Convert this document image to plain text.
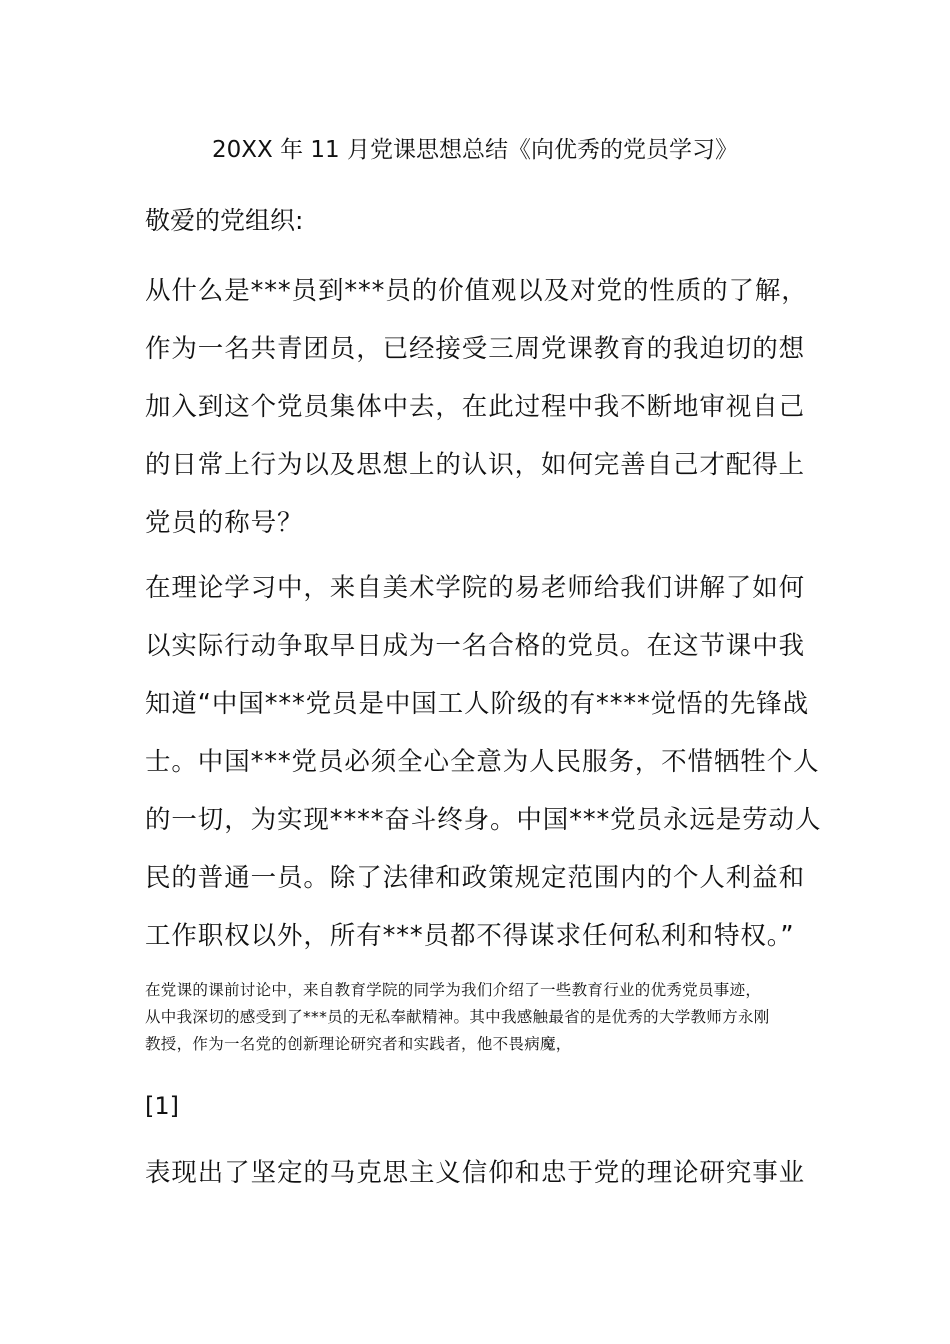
20XX 年 11 月党课思想总结《向优秀的党员学习》
敬爱的党组织:
从什么是***员到***员的价值观以及对党的性质的了解，
作为一名共青团员，已经接受三周党课教育的我迫切的想
加入到这个党员集体中去，在此过程中我不断地审视自己
的日常上行为以及思想上的认识，如何完善自己才配得上
党员的称号？
在理论学习中，来自美术学院的易老师给我们讲解了如何
以实际行动争取早日成为一名合格的党员。在这节课中我
知道“中国***党员是中国工人阶级的有****觉悟的先锋战
士。中国***党员必须全心全意为人民服务，不惜牺牲个人
的一切，为实现****奋斗终身。中国***党员永远是劳动人
民的普通一员。除了法律和政策规定范围内的个人利益和
工作职权以外，所有***员都不得谋求任何私利和特权。”
在党课的课前讨论中，来自教育学院的同学为我们介绍了一些教育行业的优秀党员事迹，
从中我深切的感受到了***员的无私奉献精神。其中我感触最省的是优秀的大学教师方永刚
教授，作为一名党的创新理论研究者和实践者，他不畏病魔，
[1]
表现出了坚定的马克思主义信仰和忠于党的理论研究事业
